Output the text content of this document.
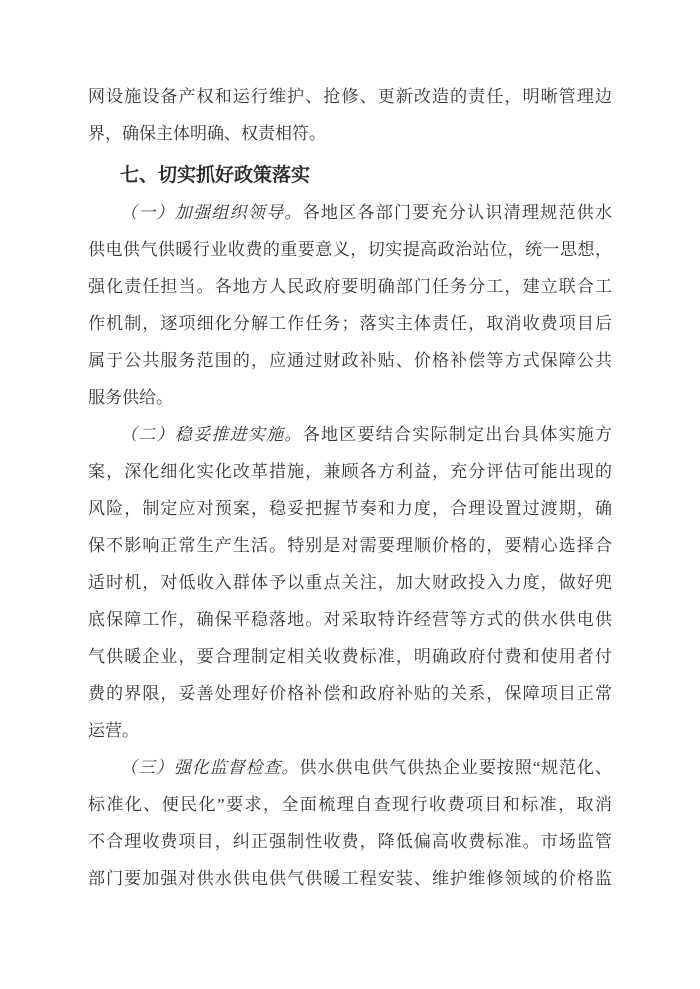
网设施设备产权和运行维护、抢修、更新改造的责任，明晰管理边
界，确保主体明确、权责相符。
七、切实抓好政策落实
（一）加强组织领导。各地区各部门要充分认识清理规范供水
供电供气供暖行业收费的重要意义，切实提高政治站位，统一思想，
强化责任担当。各地方人民政府要明确部门任务分工，建立联合工
作机制，逐项细化分解工作任务；落实主体责任，取消收费项目后
属于公共服务范围的，应通过财政补贴、价格补偿等方式保障公共
服务供给。
（二）稳妥推进实施。各地区要结合实际制定出台具体实施方
案，深化细化实化改革措施，兼顾各方利益，充分评估可能出现的
风险，制定应对预案，稳妥把握节奏和力度，合理设置过渡期，确
保不影响正常生产生活。特别是对需要理顺价格的，要精心选择合
适时机，对低收入群体予以重点关注，加大财政投入力度，做好兜
底保障工作，确保平稳落地。对采取特许经营等方式的供水供电供
气供暖企业，要合理制定相关收费标准，明确政府付费和使用者付
费的界限，妥善处理好价格补偿和政府补贴的关系，保障项目正常
运营。
（三）强化监督检查。供水供电供气供热企业要按照“规范化、
标准化、便民化”要求，全面梳理自查现行收费项目和标准，取消
不合理收费项目，纠正强制性收费，降低偏高收费标准。市场监管
部门要加强对供水供电供气供暖工程安装、维护维修领域的价格监
